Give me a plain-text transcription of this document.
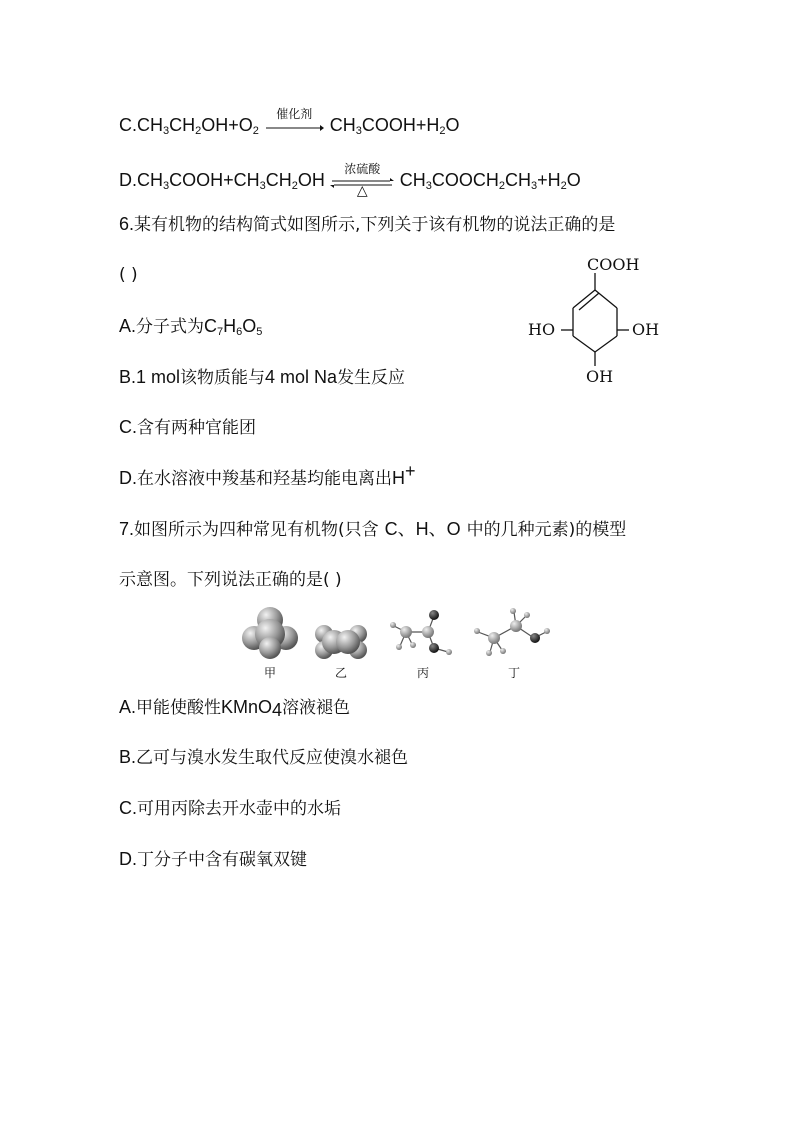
$C.CH_3CH_2OH+O_2$
催化剂
$CH_3COOH+H_2O$
$D.CH_3COOH+CH_3CH_2OH$
浓硫酸
△
$CH_3COOCH_2CH_3+H_2O$
6.某有机物的结构简式如图所示,下列关于该有机物的说法正确的是
( )
COOH
HO	OH
OH
A.分子式为$C_7H_6O_5$
B.1 mol该物质能与4 mol Na发生反应
C.含有两种官能团
D.在水溶液中羧基和羟基均能电离出H+
7.如图所示为四种常见有机物(只含 C、H、O 中的几种元素)的模型
示意图。下列说法正确的是( )
甲	乙	丙	丁
A.甲能使酸性KMnO$_4$溶液褪色
B.乙可与溴水发生取代反应使溴水褪色
C.可用丙除去开水壶中的水垢
D.丁分子中含有碳氧双键
